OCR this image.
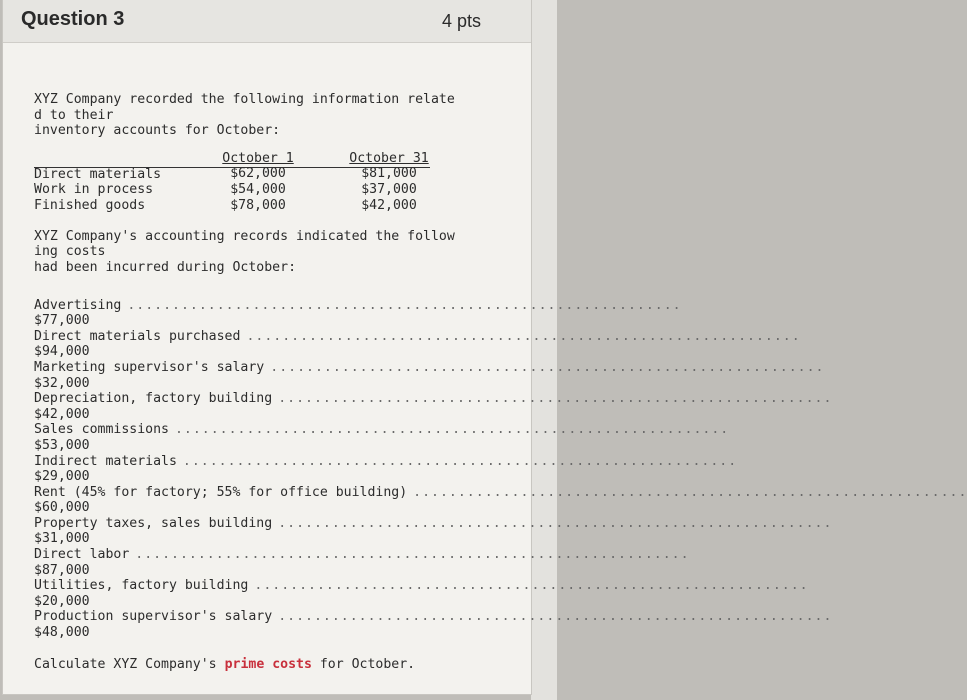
Question 3	4 pts

XYZ Company recorded the following information relate
d to their
inventory accounts for October:

Direct materials
Work in process
Finished goods
October 1
$62,000
$54,000
$78,000
October 31
$81,000
$37,000
$42,000

XYZ Company's accounting records indicated the follow
ing costs
had been incurred during October:

Advertising ..............................................................
$77,000
Direct materials purchased ..............................................................
$94,000
Marketing supervisor's salary ..............................................................
$32,000
Depreciation, factory building ..............................................................
$42,000
Sales commissions ..............................................................
$53,000
Indirect materials ..............................................................
$29,000
Rent (45% for factory; 55% for office building) ..............................................................
$60,000
Property taxes, sales building ..............................................................
$31,000
Direct labor ..............................................................
$87,000
Utilities, factory building ..............................................................
$20,000
Production supervisor's salary ..............................................................
$48,000

Calculate XYZ Company's prime costs for October.
